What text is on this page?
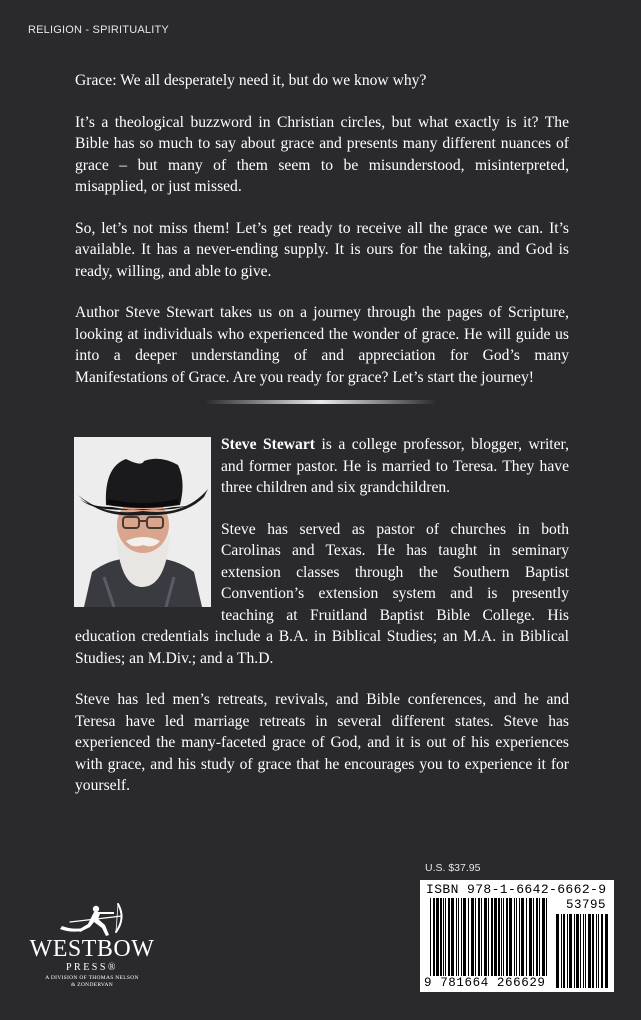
RELIGION - SPIRITUALITY

Grace: We all desperately need it, but do we know why?

It’s a theological buzzword in Christian circles, but what exactly is it? The Bible has so much to say about grace and presents many different nuances of grace – but many of them seem to be misunderstood, misinterpreted, misapplied, or just missed.

So, let’s not miss them! Let’s get ready to receive all the grace we can. It’s available. It has a never-ending supply. It is ours for the taking, and God is ready, willing, and able to give.

Author Steve Stewart takes us on a journey through the pages of Scripture, looking at individuals who experienced the wonder of grace. He will guide us into a deeper understanding of and appreciation for God’s many Manifestations of Grace. Are you ready for grace? Let’s start the journey!

Steve Stewart is a college professor, blogger, writer, and former pastor. He is married to Teresa. They have three children and six grandchildren.

Steve has served as pastor of churches in both Carolinas and Texas. He has taught in seminary extension classes through the Southern Baptist Convention’s extension system and is presently teaching at Fruitland Baptist Bible College. His education credentials include a B.A. in Biblical Studies; an M.A. in Biblical Studies; an M.Div.; and a Th.D.

Steve has led men’s retreats, revivals, and Bible conferences, and he and Teresa have led marriage retreats in several different states. Steve has experienced the many-faceted grace of God, and it is out of his experiences with grace, and his study of grace that he encourages you to experience it for yourself.

U.S. $37.95
ISBN 978-1-6642-6662-9
53795
9 781664 266629
WESTBOW
PRESS®
A DIVISION OF THOMAS NELSON
& ZONDERVAN
